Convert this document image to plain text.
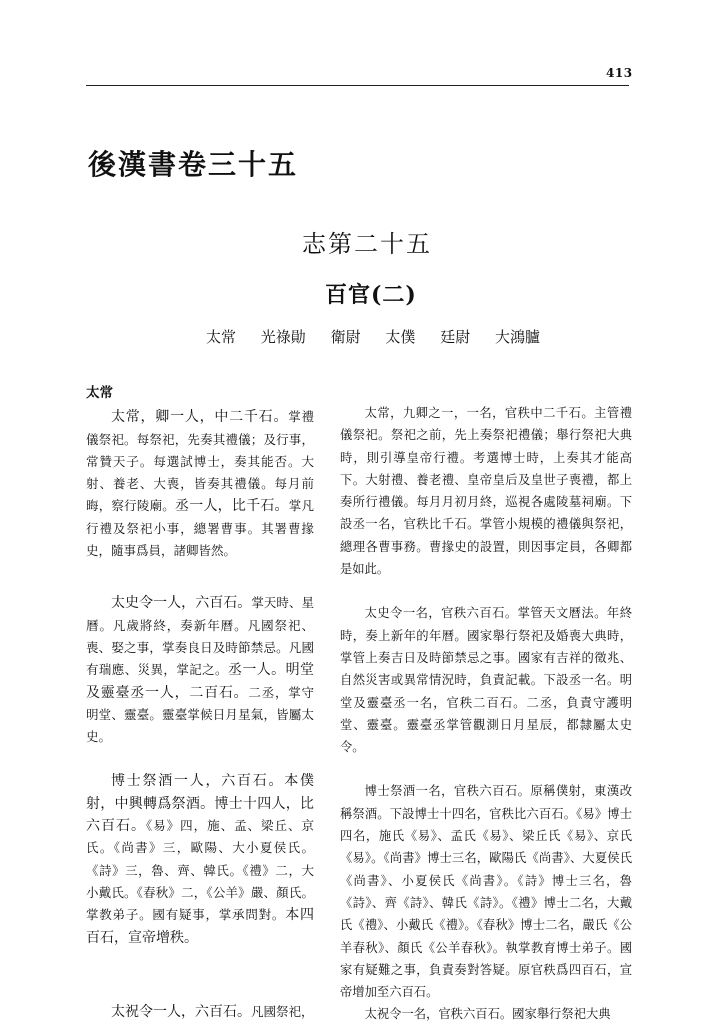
413
後漢書卷三十五
志第二十五
百官(二)
太常 光祿勛 衛尉 太僕 廷尉 大鴻臚
太常

太常，卿一人，中二千石。掌禮儀祭祀。每祭祀，先奏其禮儀；及行事，常贊天子。每選試博士，奏其能否。大射、養老、大喪，皆奏其禮儀。每月前晦，察行陵廟。丞一人，比千石。掌凡行禮及祭祀小事，總署曹事。其署曹掾史，隨事爲員，諸卿皆然。

太史令一人，六百石。掌天時、星曆。凡歲將終，奏新年曆。凡國祭祀、喪、娶之事，掌奏良日及時節禁忌。凡國有瑞應、災異，掌記之。丞一人。明堂及靈臺丞一人，二百石。二丞，掌守明堂、靈臺。靈臺掌候日月星氣，皆屬太史。

博士祭酒一人，六百石。本僕射，中興轉爲祭酒。博士十四人，比六百石。《易》四，施、孟、梁丘、京氏。《尚書》三，歐陽、大小夏侯氏。《詩》三，魯、齊、韓氏。《禮》二，大小戴氏。《春秋》二，《公羊》嚴、顏氏。掌教弟子。國有疑事，掌承問對。本四百石，宣帝增秩。

太祝令一人，六百石。凡國祭祀，

太常，九卿之一，一名，官秩中二千石。主管禮儀祭祀。祭祀之前，先上奏祭祀禮儀；舉行祭祀大典時，則引導皇帝行禮。考選博士時，上奏其才能高下。大射禮、養老禮、皇帝皇后及皇世子喪禮，都上奏所行禮儀。每月月初月終，巡視各處陵墓祠廟。下設丞一名，官秩比千石。掌管小規模的禮儀與祭祀，總理各曹事務。曹掾史的設置，則因事定員，各卿都是如此。

太史令一名，官秩六百石。掌管天文曆法。年終時，奏上新年的年曆。國家舉行祭祀及婚喪大典時，掌管上奏吉日及時節禁忌之事。國家有吉祥的徵兆、自然災害或異常情況時，負責記載。下設丞一名。明堂及靈臺丞一名，官秩二百石。二丞，負責守護明堂、靈臺。靈臺丞掌管觀測日月星辰，都隸屬太史令。

博士祭酒一名，官秩六百石。原稱僕射，東漢改稱祭酒。下設博士十四名，官秩比六百石。《易》博士四名，施氏《易》、孟氏《易》、梁丘氏《易》、京氏《易》。《尚書》博士三名，歐陽氏《尚書》、大夏侯氏《尚書》、小夏侯氏《尚書》。《詩》博士三名，魯《詩》、齊《詩》、韓氏《詩》。《禮》博士二名，大戴氏《禮》、小戴氏《禮》。《春秋》博士二名，嚴氏《公羊春秋》、顏氏《公羊春秋》。執掌教育博士弟子。國家有疑難之事，負責奏對答疑。原官秩爲四百石，宣帝增加至六百石。

太祝令一名，官秩六百石。國家舉行祭祀大典
